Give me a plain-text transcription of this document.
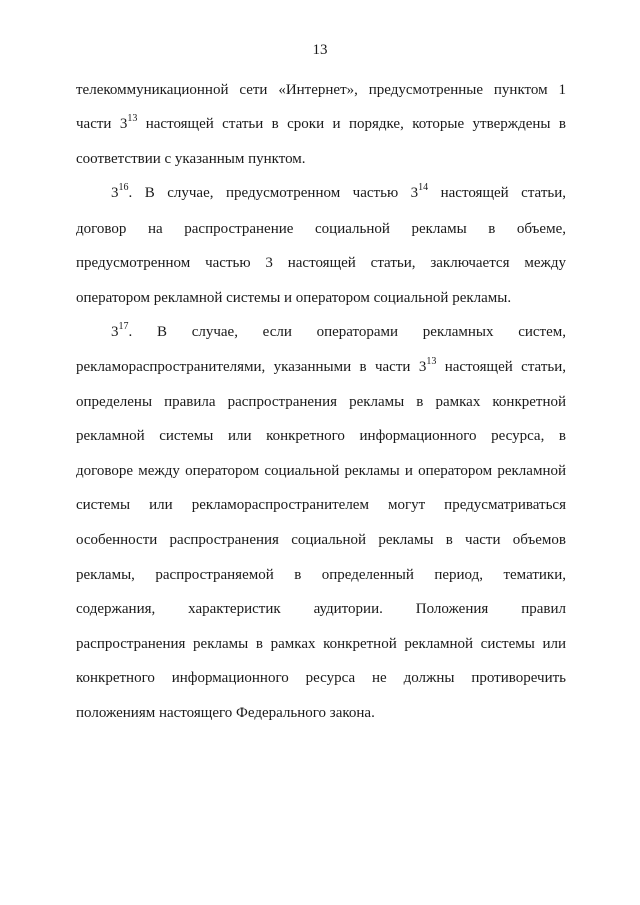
13
телекоммуникационной сети «Интернет», предусмотренные пунктом 1
части $3^{13}$ настоящей статьи в сроки и порядке, которые утверждены в
соответствии с указанным пунктом.
$3^{16}$. В случае, предусмотренном частью $3^{14}$ настоящей статьи,
договор на распространение социальной рекламы в объеме,
предусмотренном частью 3 настоящей статьи, заключается между
оператором рекламной системы и оператором социальной рекламы.
$3^{17}$. В случае, если операторами рекламных систем,
рекламораспространителями, указанными в части $3^{13}$ настоящей статьи,
определены правила распространения рекламы в рамках конкретной
рекламной системы или конкретного информационного ресурса, в
договоре между оператором социальной рекламы и оператором рекламной
системы или рекламораспространителем могут предусматриваться
особенности распространения социальной рекламы в части объемов
рекламы, распространяемой в определенный период, тематики,
содержания, характеристик аудитории. Положения правил
распространения рекламы в рамках конкретной рекламной системы или
конкретного информационного ресурса не должны противоречить
положениям настоящего Федерального закона.
